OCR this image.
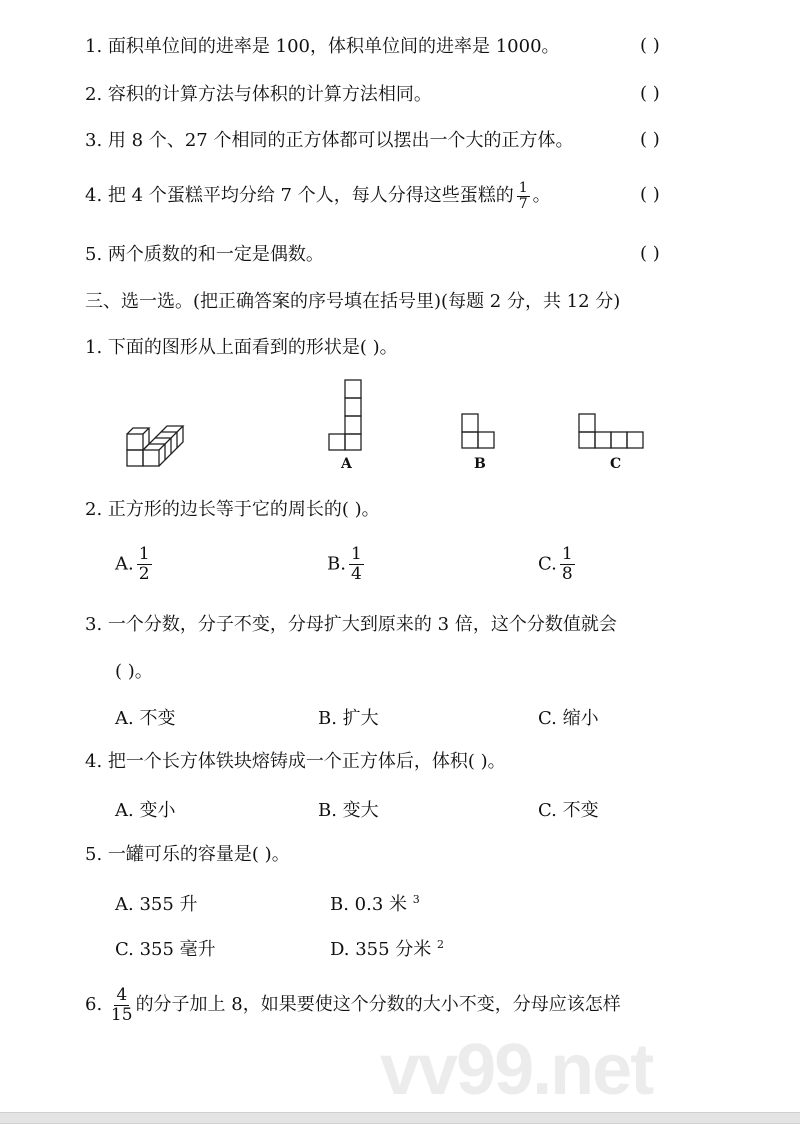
vv99.net
1. 面积单位间的进率是 100，体积单位间的进率是 1000。	( )
2. 容积的计算方法与体积的计算方法相同。	( )
3. 用 8 个、27 个相同的正方体都可以摆出一个大的正方体。	( )
4. 把 4 个蛋糕平均分给 7 个人，每人分得这些蛋糕的 $\frac{1}{7}$ 。	( )
5. 两个质数的和一定是偶数。	( )
三、选一选。(把正确答案的序号填在括号里)(每题 2 分，共 12 分)
1. 下面的图形从上面看到的形状是( )。
A	B	C
2. 正方形的边长等于它的周长的( )。
A. $\frac{1}{2}$	B. $\frac{1}{4}$	C. $\frac{1}{8}$
3. 一个分数，分子不变，分母扩大到原来的 3 倍，这个分数值就会
( )。
A. 不变	B. 扩大	C. 缩小
4. 把一个长方体铁块熔铸成一个正方体后，体积( )。
A. 变小	B. 变大	C. 不变
5. 一罐可乐的容量是( )。
A. 355 升	B. 0.3 米 $^3$
C. 355 毫升	D. 355 分米 $^2$
6. $\frac{4}{15}$ 的分子加上 8，如果要使这个分数的大小不变，分母应该怎样
